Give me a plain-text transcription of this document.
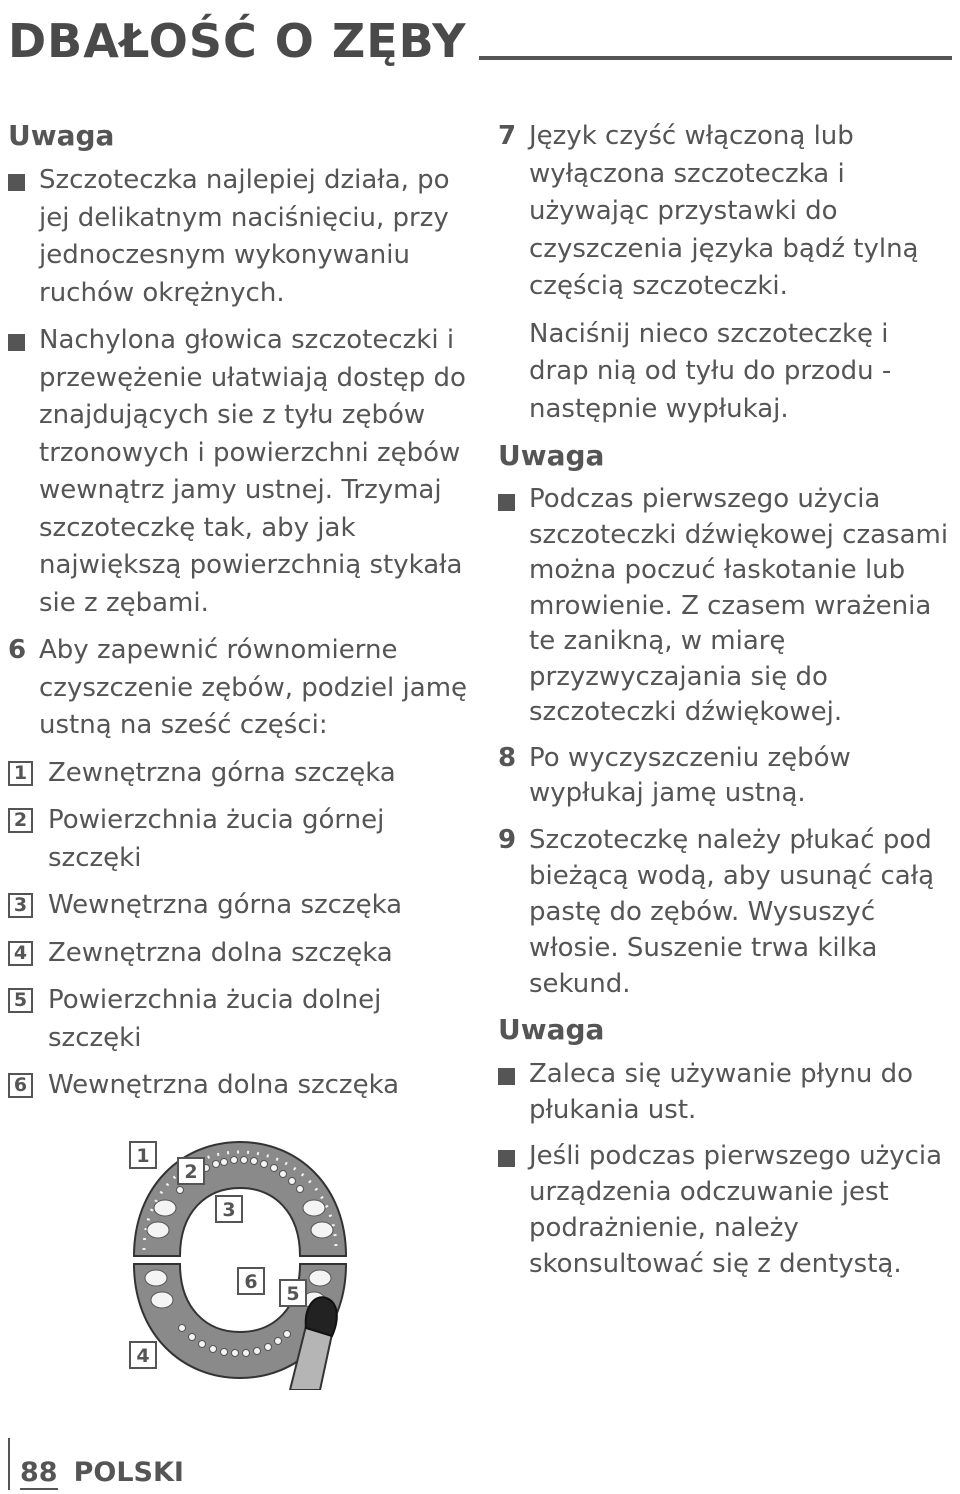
DBAŁOŚĆ O ZĘBY
Uwaga
Szczoteczka najlepiej działa, po jej delikatnym naciśnięciu, przy jednoczesnym wykonywaniu ruchów okrężnych.
Nachylona głowica szczoteczki i przewężenie ułatwiają dostęp do znajdujących sie z tyłu zębów trzonowych i powierzchni zębów wewnątrz jamy ustnej. Trzymaj szczoteczkę tak, aby jak największą powierzchnią stykała sie z zębami.
6 Aby zapewnić równomierne czyszczenie zębów, podziel jamę ustną na sześć części:
1 Zewnętrzna górna szczęka
2 Powierzchnia żucia górnej szczęki
3 Wewnętrzna górna szczęka
4 Zewnętrzna dolna szczęka
5 Powierzchnia żucia dolnej szczęki
6 Wewnętrzna dolna szczęka
1
2
3
6
5
4
7 Język czyść włączoną lub wyłączona szczoteczka i używając przystawki do czyszczenia języka bądź tylną częścią szczoteczki.
Naciśnij nieco szczoteczkę i drap nią od tyłu do przodu - następnie wypłukaj.
Uwaga
Podczas pierwszego użycia szczoteczki dźwiękowej czasami można poczuć łaskotanie lub mrowienie. Z czasem wrażenia te zanikną, w miarę przyzwyczajania się do szczoteczki dźwiękowej.
8 Po wyczyszczeniu zębów wypłukaj jamę ustną.
9 Szczoteczkę należy płukać pod bieżącą wodą, aby usunąć całą pastę do zębów. Wysuszyć włosie. Suszenie trwa kilka sekund.
Uwaga
Zaleca się używanie płynu do płukania ust.
Jeśli podczas pierwszego użycia urządzenia odczuwanie jest podrażnienie, należy skonsultować się z dentystą.
88 POLSKI
